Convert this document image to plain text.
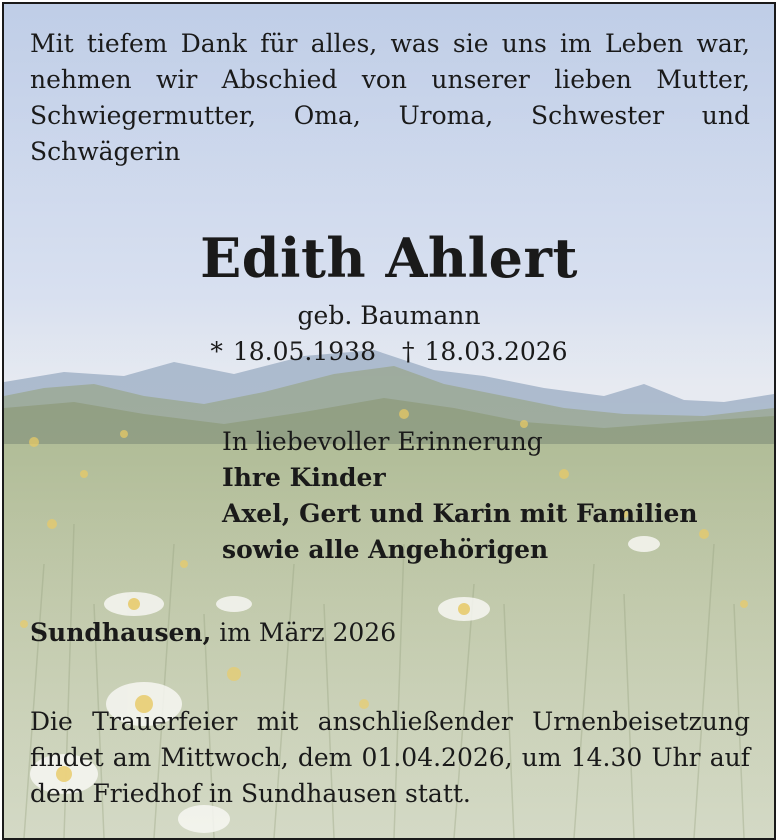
Mit tiefem Dank für alles, was sie uns im Leben war, nehmen wir Abschied von unserer lieben Mutter, Schwiegermutter, Oma, Uroma, Schwester und Schwägerin

Edith Ahlert
geb. Baumann
* 18.05.1938 † 18.03.2026
In liebevoller Erinnerung
Ihre Kinder
Axel, Gert und Karin mit Familien
sowie alle Angehörigen
Sundhausen, im März 2026

Die Trauerfeier mit anschließender Urnenbeisetzung findet am Mittwoch, dem 01.04.2026, um 14.30 Uhr auf dem Friedhof in Sundhausen statt.
